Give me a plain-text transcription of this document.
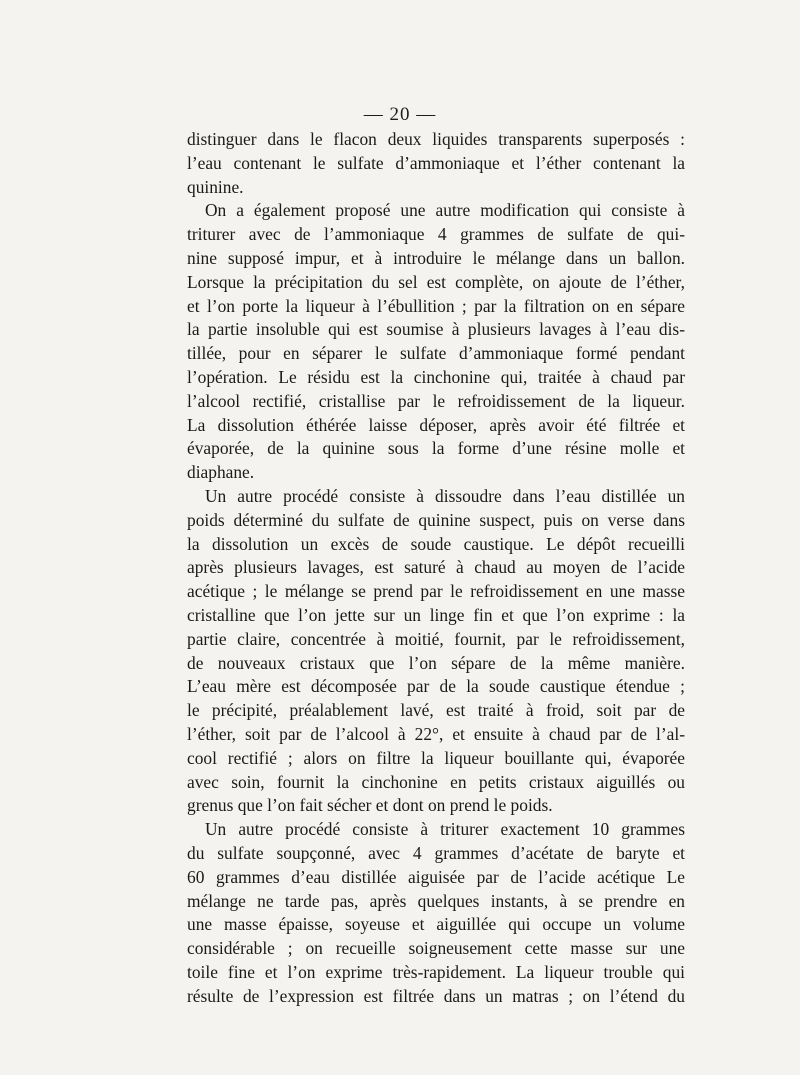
— 20 —

distinguer dans le flacon deux liquides transparents superposés :
l’eau contenant le sulfate d’ammoniaque et l’éther contenant la
quinine.

On a également proposé une autre modification qui consiste à
triturer avec de l’ammoniaque 4 grammes de sulfate de qui-
nine supposé impur, et à introduire le mélange dans un ballon.
Lorsque la précipitation du sel est complète, on ajoute de l’éther,
et l’on porte la liqueur à l’ébullition ; par la filtration on en sépare
la partie insoluble qui est soumise à plusieurs lavages à l’eau dis-
tillée, pour en séparer le sulfate d’ammoniaque formé pendant
l’opération. Le résidu est la cinchonine qui, traitée à chaud par
l’alcool rectifié, cristallise par le refroidissement de la liqueur.
La dissolution éthérée laisse déposer, après avoir été filtrée et
évaporée, de la quinine sous la forme d’une résine molle et
diaphane.

Un autre procédé consiste à dissoudre dans l’eau distillée un
poids déterminé du sulfate de quinine suspect, puis on verse dans
la dissolution un excès de soude caustique. Le dépôt recueilli
après plusieurs lavages, est saturé à chaud au moyen de l’acide
acétique ; le mélange se prend par le refroidissement en une masse
cristalline que l’on jette sur un linge fin et que l’on exprime : la
partie claire, concentrée à moitié, fournit, par le refroidissement,
de nouveaux cristaux que l’on sépare de la même manière.
L’eau mère est décomposée par de la soude caustique étendue ;
le précipité, préalablement lavé, est traité à froid, soit par de
l’éther, soit par de l’alcool à 22°, et ensuite à chaud par de l’al-
cool rectifié ; alors on filtre la liqueur bouillante qui, évaporée
avec soin, fournit la cinchonine en petits cristaux aiguillés ou
grenus que l’on fait sécher et dont on prend le poids.

Un autre procédé consiste à triturer exactement 10 grammes
du sulfate soupçonné, avec 4 grammes d’acétate de baryte et
60 grammes d’eau distillée aiguisée par de l’acide acétique Le
mélange ne tarde pas, après quelques instants, à se prendre en
une masse épaisse, soyeuse et aiguillée qui occupe un volume
considérable ; on recueille soigneusement cette masse sur une
toile fine et l’on exprime très-rapidement. La liqueur trouble qui
résulte de l’expression est filtrée dans un matras ; on l’étend du
